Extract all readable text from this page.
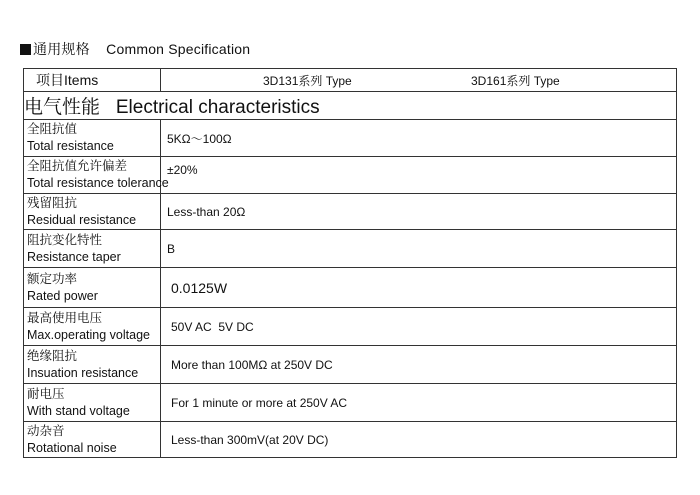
通用规格 Common Specification
项目Items	3D131系列 Type 3D161系列 Type

电气性能 Electrical characteristics	

全阻抗值
Total resistance	5KΩ～100Ω

全阻抗值允许偏差
Total resistance tolerance	±20%

残留阻抗
Residual resistance	Less-than 20Ω

阻抗变化特性
Resistance taper	B

额定功率
Rated power	0.0125W

最高使用电压
Max.operating voltage	50V AC  5V DC

绝缘阻抗
Insuation resistance	More than 100MΩ at 250V DC

耐电压
With stand voltage	For 1 minute or more at 250V AC

动杂音
Rotational noise	Less-than 300mV(at 20V DC)
